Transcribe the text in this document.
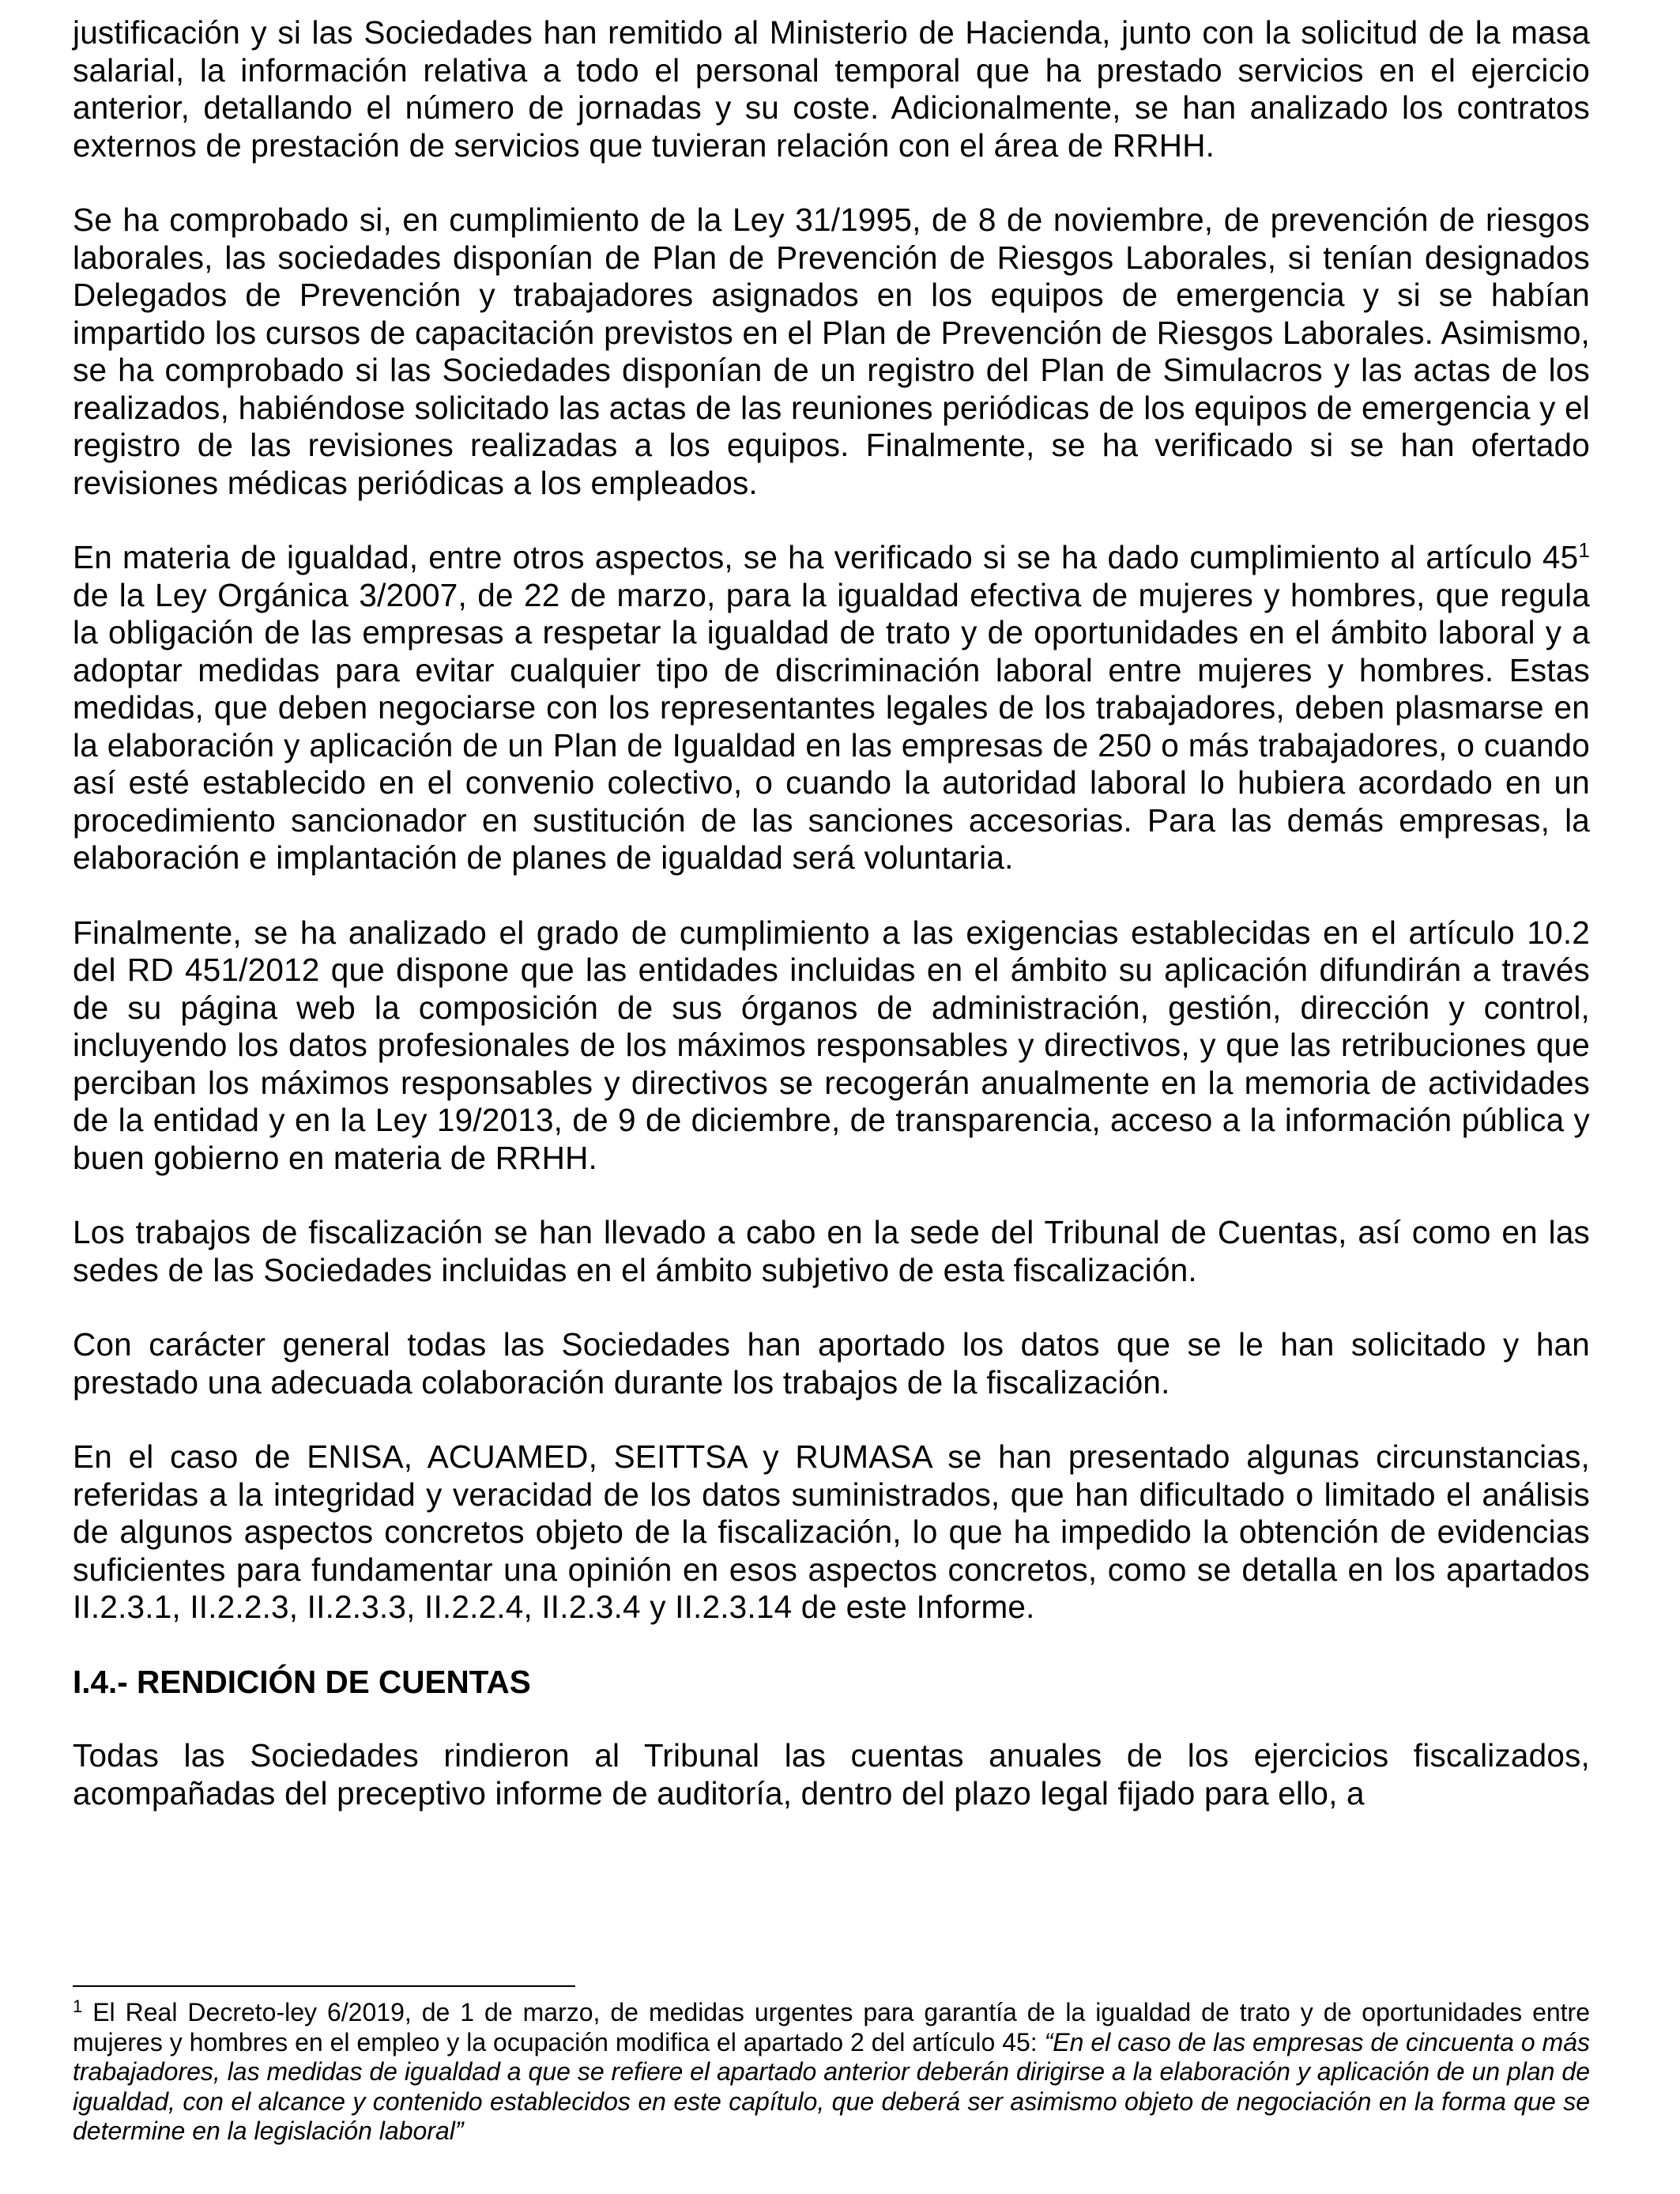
justificación y si las Sociedades han remitido al Ministerio de Hacienda, junto con la solicitud de la masa salarial, la información relativa a todo el personal temporal que ha prestado servicios en el ejercicio anterior, detallando el número de jornadas y su coste. Adicionalmente, se han analizado los contratos externos de prestación de servicios que tuvieran relación con el área de RRHH.

Se ha comprobado si, en cumplimiento de la Ley 31/1995, de 8 de noviembre, de prevención de riesgos laborales, las sociedades disponían de Plan de Prevención de Riesgos Laborales, si tenían designados Delegados de Prevención y trabajadores asignados en los equipos de emergencia y si se habían impartido los cursos de capacitación previstos en el Plan de Prevención de Riesgos Laborales. Asimismo, se ha comprobado si las Sociedades disponían de un registro del Plan de Simulacros y las actas de los realizados, habiéndose solicitado las actas de las reuniones periódicas de los equipos de emergencia y el registro de las revisiones realizadas a los equipos. Finalmente, se ha verificado si se han ofertado revisiones médicas periódicas a los empleados.

En materia de igualdad, entre otros aspectos, se ha verificado si se ha dado cumplimiento al artículo $45^1$ de la Ley Orgánica 3/2007, de 22 de marzo, para la igualdad efectiva de mujeres y hombres, que regula la obligación de las empresas a respetar la igualdad de trato y de oportunidades en el ámbito laboral y a adoptar medidas para evitar cualquier tipo de discriminación laboral entre mujeres y hombres. Estas medidas, que deben negociarse con los representantes legales de los trabajadores, deben plasmarse en la elaboración y aplicación de un Plan de Igualdad en las empresas de 250 o más trabajadores, o cuando así esté establecido en el convenio colectivo, o cuando la autoridad laboral lo hubiera acordado en un procedimiento sancionador en sustitución de las sanciones accesorias. Para las demás empresas, la elaboración e implantación de planes de igualdad será voluntaria.

Finalmente, se ha analizado el grado de cumplimiento a las exigencias establecidas en el artículo 10.2 del RD 451/2012 que dispone que las entidades incluidas en el ámbito su aplicación difundirán a través de su página web la composición de sus órganos de administración, gestión, dirección y control, incluyendo los datos profesionales de los máximos responsables y directivos, y que las retribuciones que perciban los máximos responsables y directivos se recogerán anualmente en la memoria de actividades de la entidad y en la Ley 19/2013, de 9 de diciembre, de transparencia, acceso a la información pública y buen gobierno en materia de RRHH.

Los trabajos de fiscalización se han llevado a cabo en la sede del Tribunal de Cuentas, así como en las sedes de las Sociedades incluidas en el ámbito subjetivo de esta fiscalización.

Con carácter general todas las Sociedades han aportado los datos que se le han solicitado y han prestado una adecuada colaboración durante los trabajos de la fiscalización.

En el caso de ENISA, ACUAMED, SEITTSA y RUMASA se han presentado algunas circunstancias, referidas a la integridad y veracidad de los datos suministrados, que han dificultado o limitado el análisis de algunos aspectos concretos objeto de la fiscalización, lo que ha impedido la obtención de evidencias suficientes para fundamentar una opinión en esos aspectos concretos, como se detalla en los apartados II.2.3.1, II.2.2.3, II.2.3.3, II.2.2.4, II.2.3.4 y II.2.3.14 de este Informe.

I.4.- RENDICIÓN DE CUENTAS

Todas las Sociedades rindieron al Tribunal las cuentas anuales de los ejercicios fiscalizados, acompañadas del preceptivo informe de auditoría, dentro del plazo legal fijado para ello, a

$^1$ El Real Decreto-ley 6/2019, de 1 de marzo, de medidas urgentes para garantía de la igualdad de trato y de oportunidades entre mujeres y hombres en el empleo y la ocupación modifica el apartado 2 del artículo 45: “En el caso de las empresas de cincuenta o más trabajadores, las medidas de igualdad a que se refiere el apartado anterior deberán dirigirse a la elaboración y aplicación de un plan de igualdad, con el alcance y contenido establecidos en este capítulo, que deberá ser asimismo objeto de negociación en la forma que se determine en la legislación laboral”
